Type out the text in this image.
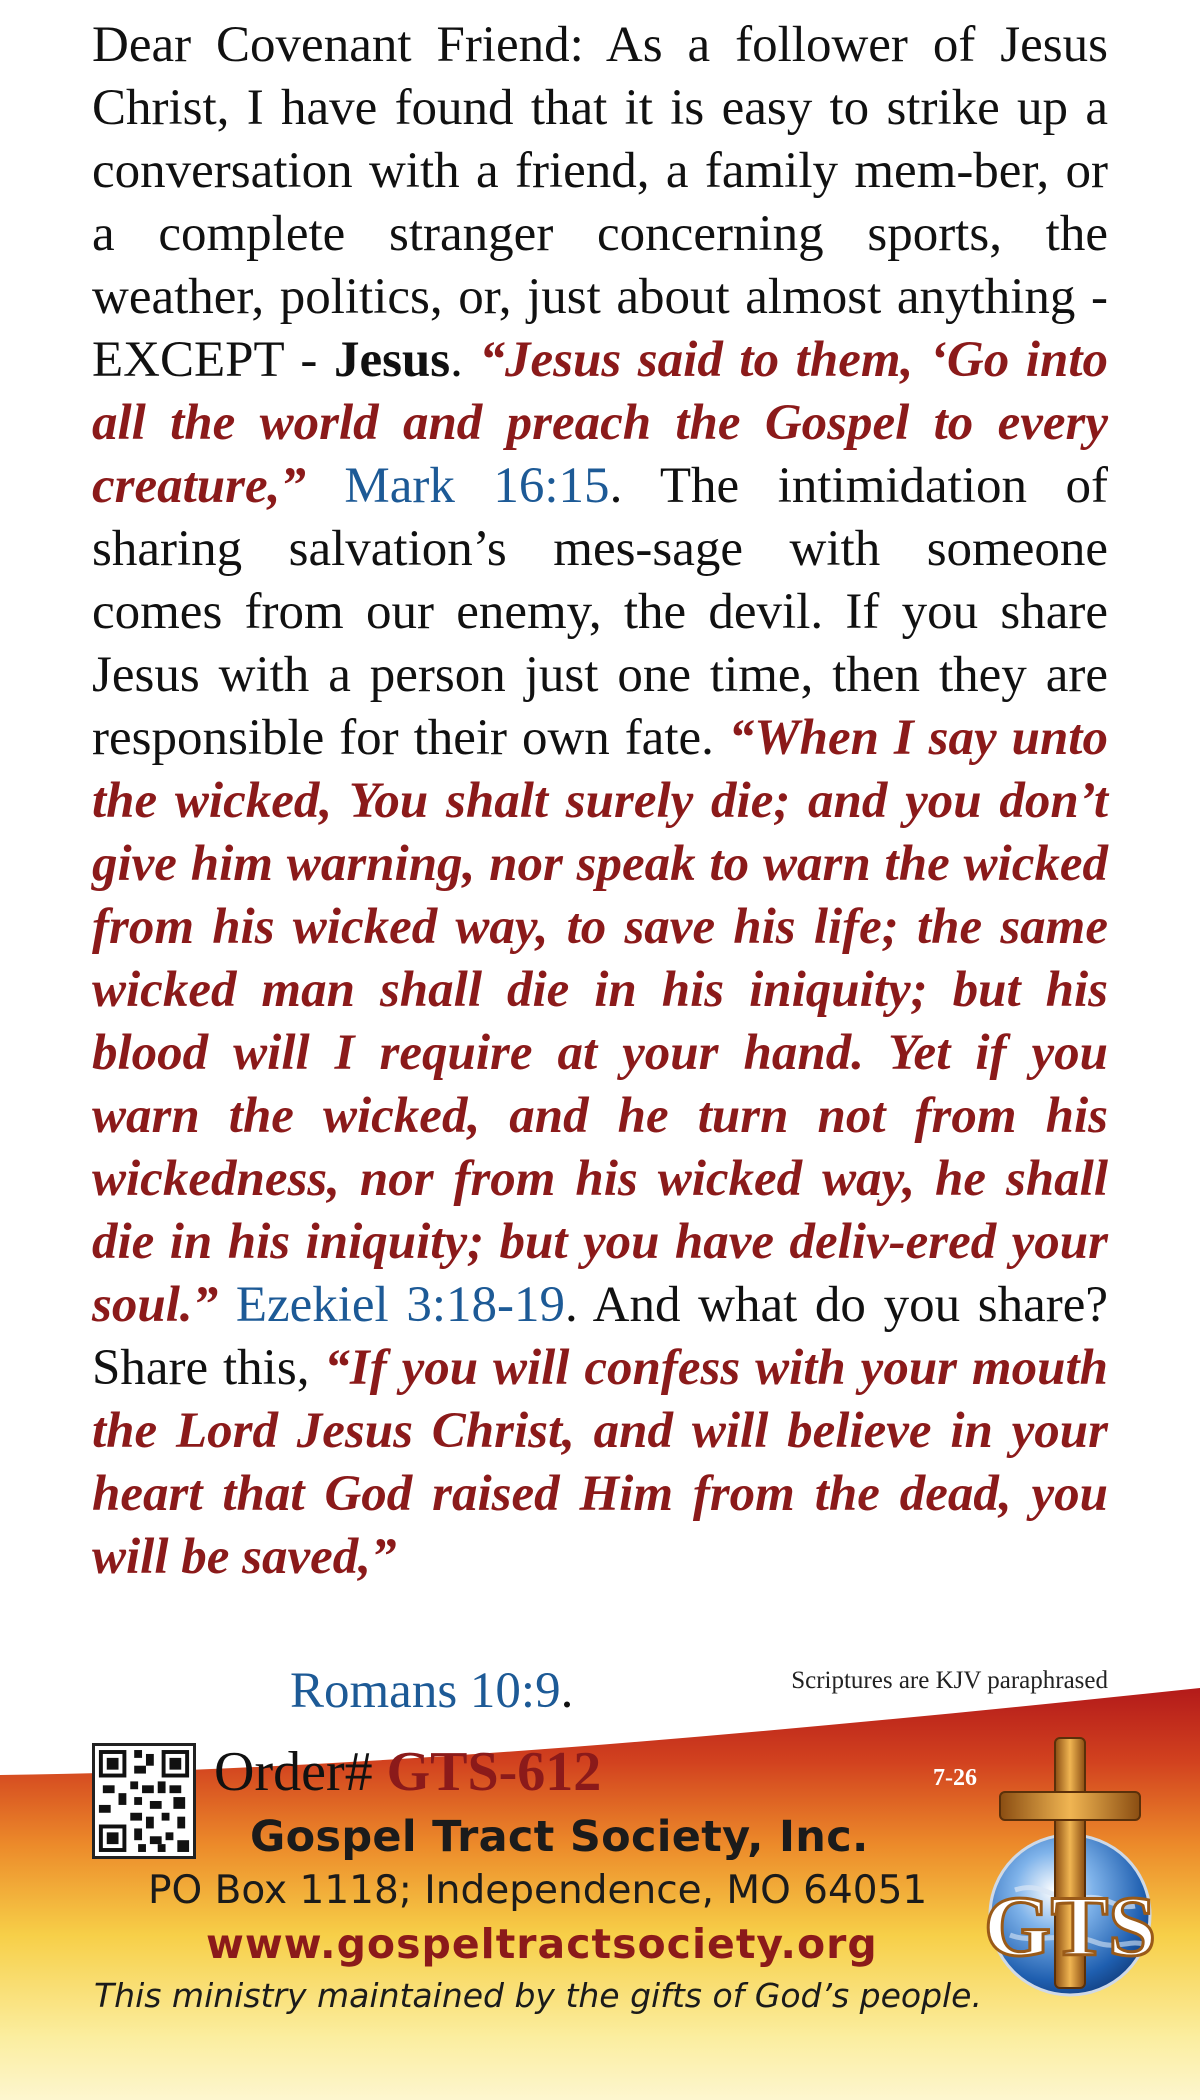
Dear Covenant Friend: As a follower of Jesus Christ, I have found that it is easy to strike up a conversation with a friend, a family mem-ber, or a complete stranger concerning sports, the weather, politics, or, just about almost anything - EXCEPT - Jesus. “Jesus said to them, ‘Go into all the world and preach the Gospel to every creature,” Mark 16:15. The intimidation of sharing salvation’s mes-sage with someone comes from our enemy, the devil. If you share Jesus with a person just one time, then they are responsible for their own fate. “When I say unto the wicked, You shalt surely die; and you don’t give him warning, nor speak to warn the wicked from his wicked way, to save his life; the same wicked man shall die in his iniquity; but his blood will I require at your hand. Yet if you warn the wicked, and he turn not from his wickedness, nor from his wicked way, he shall die in his iniquity; but you have deliv-ered your soul.” Ezekiel 3:18-19. And what do you share? Share this, “If you will confess with your mouth the Lord Jesus Christ, and will believe in your heart that God raised Him from the dead, you will be saved,”

Romans 10:9.	Scriptures are KJV paraphrased
Order# GTS-612	7-26
Gospel Tract Society, Inc.
PO Box 1118; Independence, MO 64051
www.gospeltractsociety.org
This ministry maintained by the gifts of God’s people.
GTS
